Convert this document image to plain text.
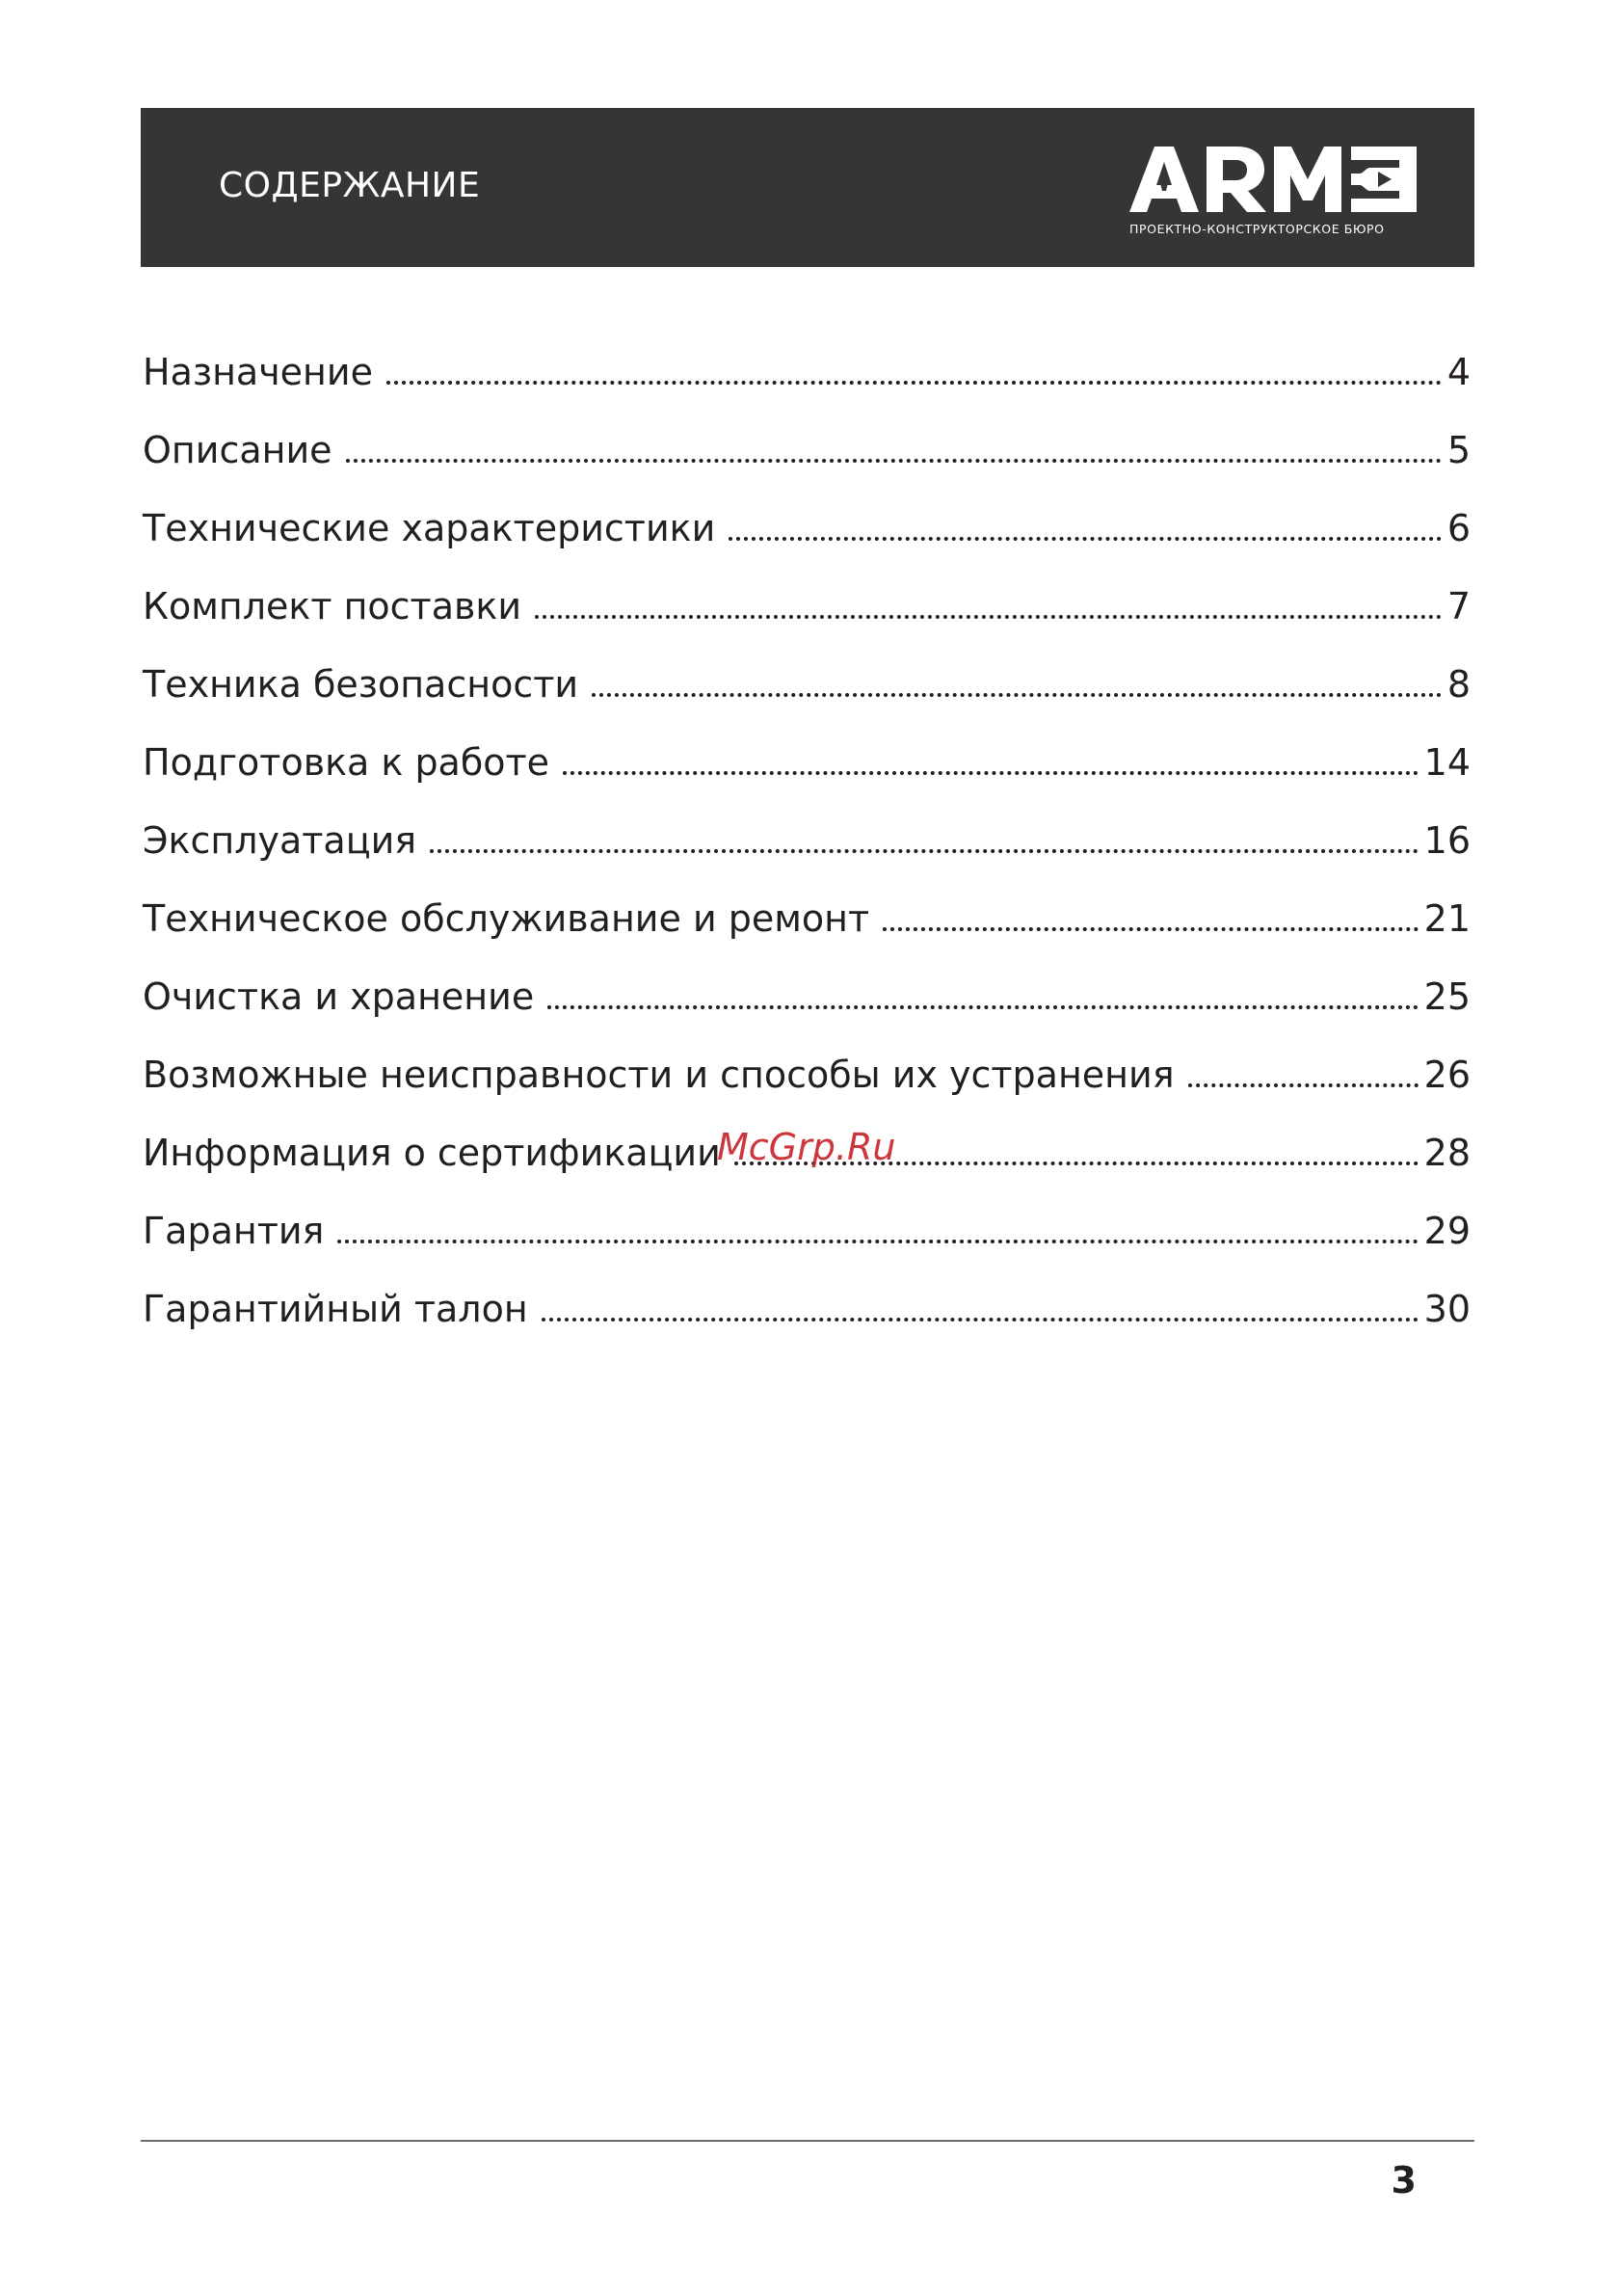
СОДЕРЖАНИЕ
ПРОЕКТНО-КОНСТРУКТОРСКОЕ БЮРО
Назначение	4
Описание	5
Технические характеристики	6
Комплект поставки	7
Техника безопасности	8
Подготовка к работе	14
Эксплуатация	16
Техническое обслуживание и ремонт	21
Очистка и хранение	25
Возможные неисправности и способы их устранения	26
Информация о сертификации	28
Гарантия	29
Гарантийный талон	30
McGrp.Ru
3
